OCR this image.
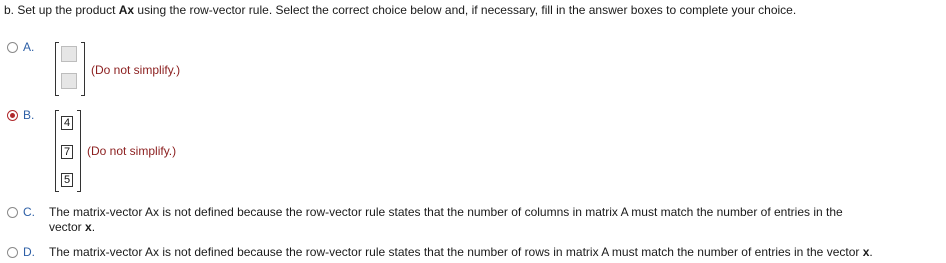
b. Set up the product Ax using the row-vector rule. Select the correct choice below and, if necessary, fill in the answer boxes to complete your choice.
A.
(Do not simplify.)
B.
4
7
5
(Do not simplify.)
C. The matrix-vector Ax is not defined because the row-vector rule states that the number of columns in matrix A must match the number of entries in the
vector x.
D. The matrix-vector Ax is not defined because the row-vector rule states that the number of rows in matrix A must match the number of entries in the vector x.
